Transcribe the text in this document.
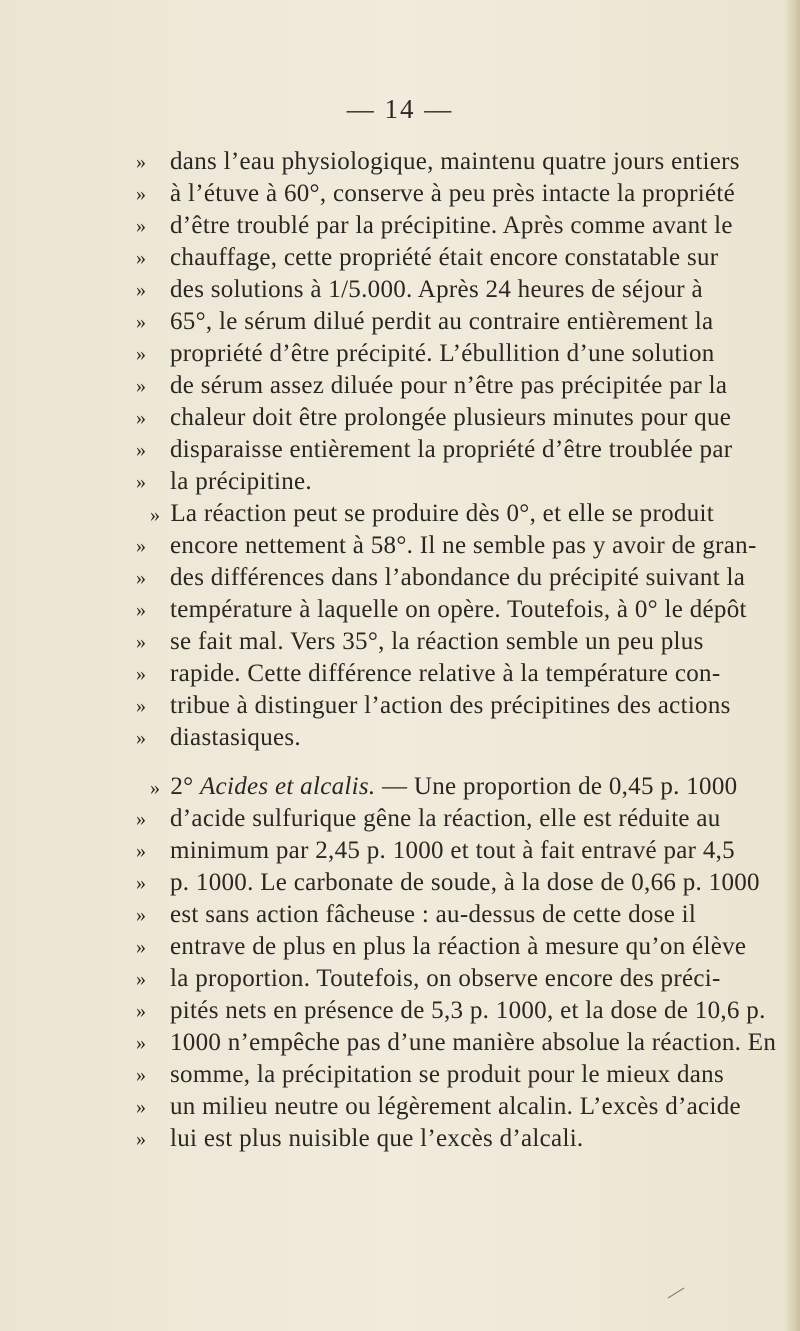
— 14 —
» dans l’eau physiologique, maintenu quatre jours entiers
» à l’étuve à 60°, conserve à peu près intacte la propriété
» d’être troublé par la précipitine. Après comme avant le
» chauffage, cette propriété était encore constatable sur
» des solutions à 1/5.000. Après 24 heures de séjour à
» 65°, le sérum dilué perdit au contraire entièrement la
» propriété d’être précipité. L’ébullition d’une solution
» de sérum assez diluée pour n’être pas précipitée par la
» chaleur doit être prolongée plusieurs minutes pour que
» disparaisse entièrement la propriété d’être troublée par
» la précipitine.
» La réaction peut se produire dès 0°, et elle se produit
» encore nettement à 58°. Il ne semble pas y avoir de gran-
» des différences dans l’abondance du précipité suivant la
» température à laquelle on opère. Toutefois, à 0° le dépôt
» se fait mal. Vers 35°, la réaction semble un peu plus
» rapide. Cette différence relative à la température con-
» tribue à distinguer l’action des précipitines des actions
» diastasiques.
» 2° Acides et alcalis. — Une proportion de 0,45 p. 1000
» d’acide sulfurique gêne la réaction, elle est réduite au
» minimum par 2,45 p. 1000 et tout à fait entravé par 4,5
» p. 1000. Le carbonate de soude, à la dose de 0,66 p. 1000
» est sans action fâcheuse : au-dessus de cette dose il
» entrave de plus en plus la réaction à mesure qu’on élève
» la proportion. Toutefois, on observe encore des préci-
» pités nets en présence de 5,3 p. 1000, et la dose de 10,6 p.
» 1000 n’empêche pas d’une manière absolue la réaction. En
» somme, la précipitation se produit pour le mieux dans
» un milieu neutre ou légèrement alcalin. L’excès d’acide
» lui est plus nuisible que l’excès d’alcali.
